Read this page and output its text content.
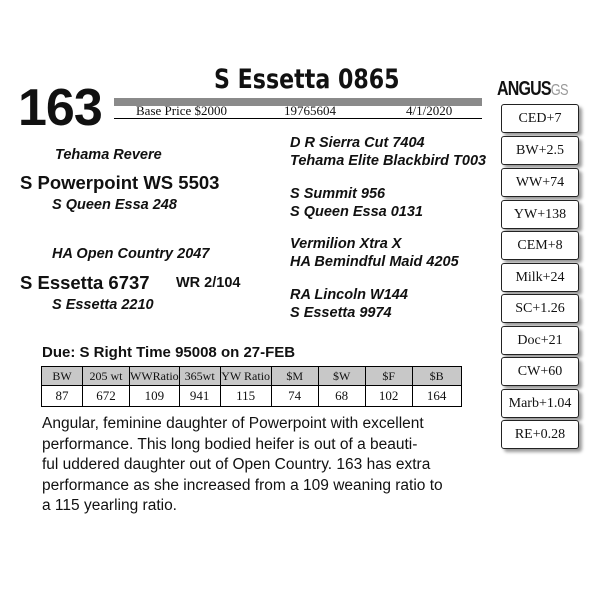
163	S Essetta 0865
Base Price $2000	19765604	4/1/2020
ANGUSGS
Tehama Revere
S Powerpoint WS 5503
S Queen Essa 248
HA Open Country 2047
S Essetta 6737 WR 2/104
S Essetta 2210
D R Sierra Cut 7404
Tehama Elite Blackbird T003
S Summit 956
S Queen Essa 0131
Vermilion Xtra X
HA Bemindful Maid 4205
RA Lincoln W144
S Essetta 9974
Due: S Right Time 95008 on 27-FEB
BW	205 wt	WWRatio	365wt	YW Ratio	$M	$W	$F	$B
87	672	109	941	115	74	68	102	164
Angular, feminine daughter of Powerpoint with excellent
performance. This long bodied heifer is out of a beauti-
ful uddered daughter out of Open Country. 163 has extra
performance as she increased from a 109 weaning ratio to
a 115 yearling ratio.
CED+7
BW+2.5
WW+74
YW+138
CEM+8
Milk+24
SC+1.26
Doc+21
CW+60
Marb+1.04
RE+0.28
